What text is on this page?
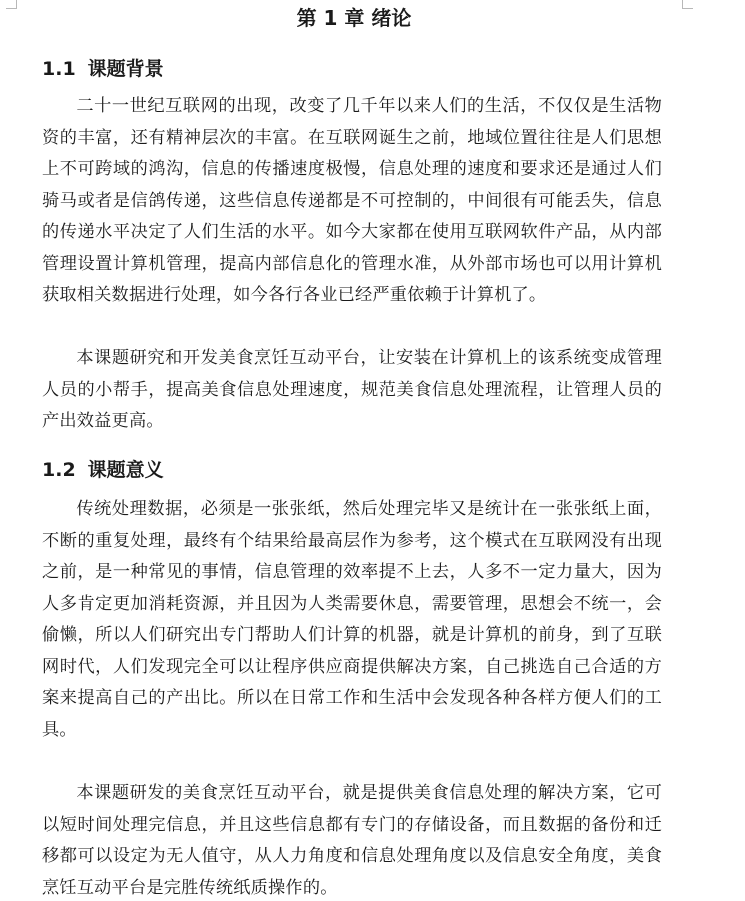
第 1 章 绪论
1.1 课题背景

二十一世纪互联网的出现，改变了几千年以来人们的生活，不仅仅是生活物资的丰富，还有精神层次的丰富。在互联网诞生之前，地域位置往往是人们思想上不可跨域的鸿沟，信息的传播速度极慢，信息处理的速度和要求还是通过人们骑马或者是信鸽传递，这些信息传递都是不可控制的，中间很有可能丢失，信息的传递水平决定了人们生活的水平。如今大家都在使用互联网软件产品，从内部管理设置计算机管理，提高内部信息化的管理水准，从外部市场也可以用计算机获取相关数据进行处理，如今各行各业已经严重依赖于计算机了。

本课题研究和开发美食烹饪互动平台，让安装在计算机上的该系统变成管理人员的小帮手，提高美食信息处理速度，规范美食信息处理流程，让管理人员的产出效益更高。

1.2 课题意义

传统处理数据，必须是一张张纸，然后处理完毕又是统计在一张张纸上面，不断的重复处理，最终有个结果给最高层作为参考，这个模式在互联网没有出现之前，是一种常见的事情，信息管理的效率提不上去，人多不一定力量大，因为人多肯定更加消耗资源，并且因为人类需要休息，需要管理，思想会不统一，会偷懒，所以人们研究出专门帮助人们计算的机器，就是计算机的前身，到了互联网时代，人们发现完全可以让程序供应商提供解决方案，自己挑选自己合适的方案来提高自己的产出比。所以在日常工作和生活中会发现各种各样方便人们的工具。

本课题研发的美食烹饪互动平台，就是提供美食信息处理的解决方案，它可以短时间处理完信息，并且这些信息都有专门的存储设备，而且数据的备份和迁移都可以设定为无人值守，从人力角度和信息处理角度以及信息安全角度，美食烹饪互动平台是完胜传统纸质操作的。
